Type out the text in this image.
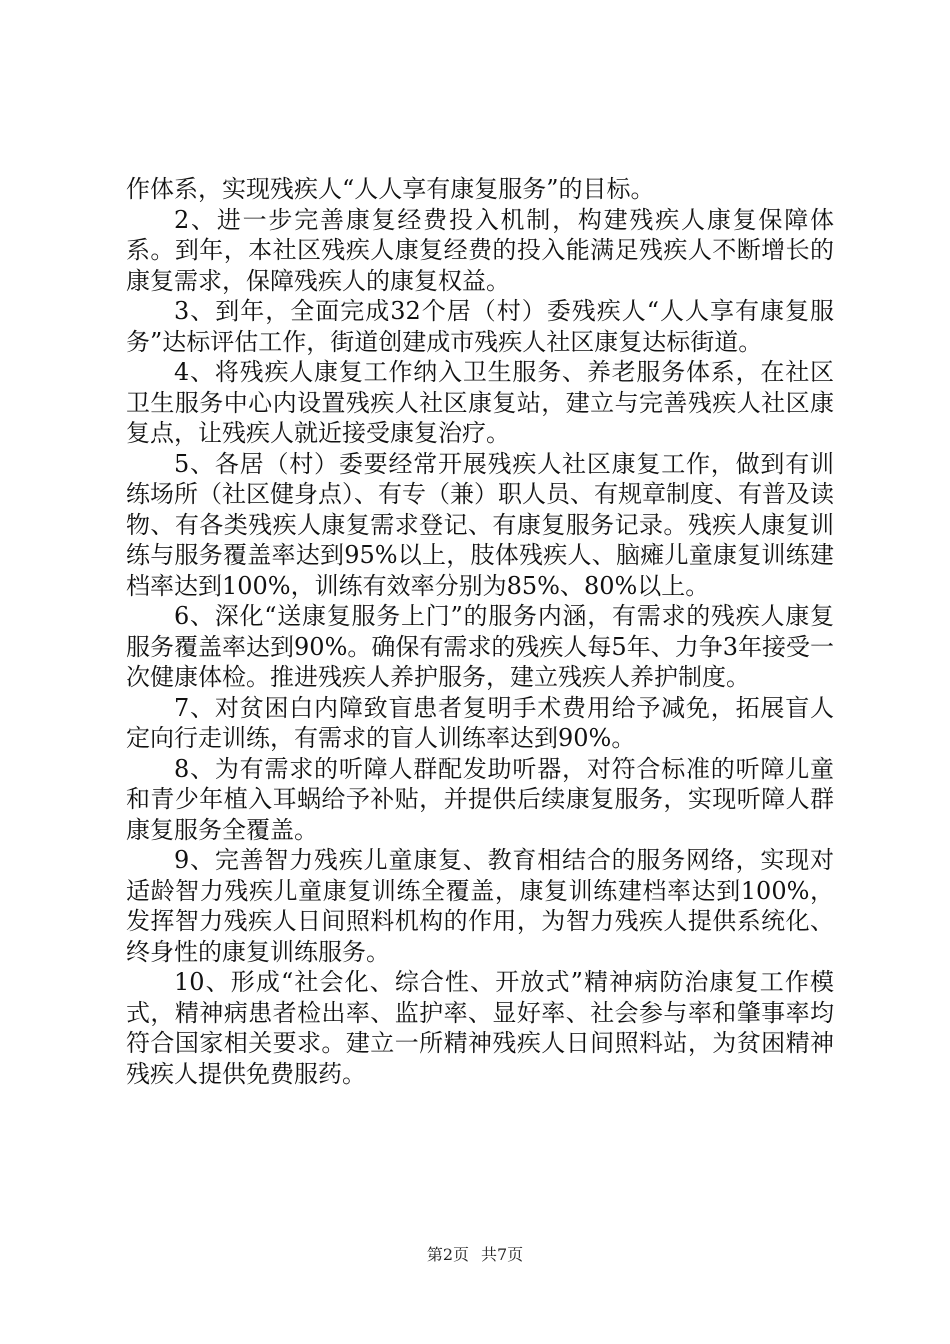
作体系，实现残疾人“人人享有康复服务”的目标。

2、进一步完善康复经费投入机制，构建残疾人康复保障体系。到年，本社区残疾人康复经费的投入能满足残疾人不断增长的康复需求，保障残疾人的康复权益。

3、到年，全面完成32个居（村）委残疾人“人人享有康复服务”达标评估工作，街道创建成市残疾人社区康复达标街道。

4、将残疾人康复工作纳入卫生服务、养老服务体系，在社区卫生服务中心内设置残疾人社区康复站，建立与完善残疾人社区康复点，让残疾人就近接受康复治疗。

5、各居（村）委要经常开展残疾人社区康复工作，做到有训练场所（社区健身点）、有专（兼）职人员、有规章制度、有普及读物、有各类残疾人康复需求登记、有康复服务记录。残疾人康复训练与服务覆盖率达到95%以上，肢体残疾人、脑瘫儿童康复训练建档率达到100%，训练有效率分别为85%、80%以上。

6、深化“送康复服务上门”的服务内涵，有需求的残疾人康复服务覆盖率达到90%。确保有需求的残疾人每5年、力争3年接受一次健康体检。推进残疾人养护服务，建立残疾人养护制度。

7、对贫困白内障致盲患者复明手术费用给予减免，拓展盲人定向行走训练，有需求的盲人训练率达到90%。

8、为有需求的听障人群配发助听器，对符合标准的听障儿童和青少年植入耳蜗给予补贴，并提供后续康复服务，实现听障人群康复服务全覆盖。

9、完善智力残疾儿童康复、教育相结合的服务网络，实现对适龄智力残疾儿童康复训练全覆盖，康复训练建档率达到100%，发挥智力残疾人日间照料机构的作用，为智力残疾人提供系统化、终身性的康复训练服务。

10、形成“社会化、综合性、开放式”精神病防治康复工作模式，精神病患者检出率、监护率、显好率、社会参与率和肇事率均符合国家相关要求。建立一所精神残疾人日间照料站，为贫困精神残疾人提供免费服药。

第2页 共7页
